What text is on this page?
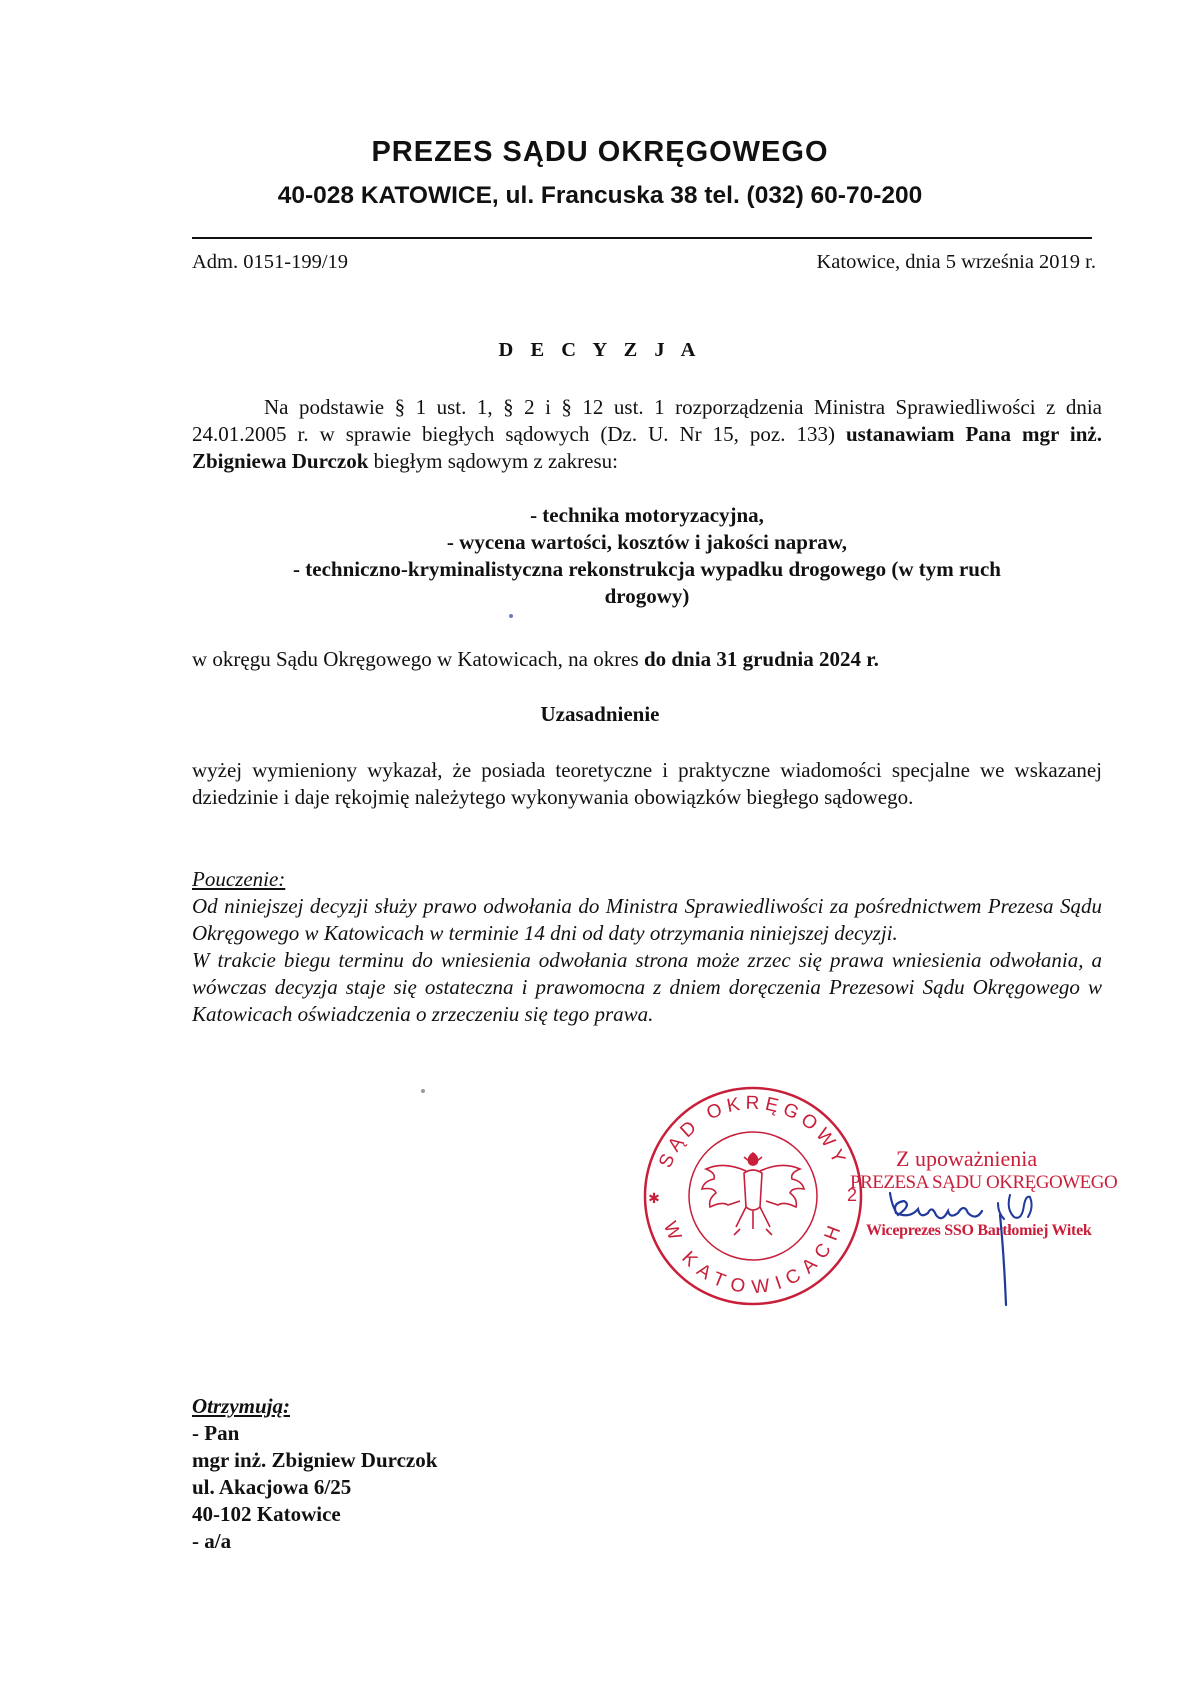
PREZES SĄDU OKRĘGOWEGO
40-028 KATOWICE, ul. Francuska 38 tel. (032) 60-70-200
Adm. 0151-199/19	Katowice, dnia 5 września 2019 r.
D E C Y Z J A
Na podstawie § 1 ust. 1, § 2 i § 12 ust. 1 rozporządzenia Ministra Sprawiedliwości z dnia 24.01.2005 r. w sprawie biegłych sądowych (Dz. U. Nr 15, poz. 133) ustanawiam Pana mgr inż. Zbigniewa Durczok biegłym sądowym z zakresu:
- technika motoryzacyjna,
- wycena wartości, kosztów i jakości napraw,
- techniczno-kryminalistyczna rekonstrukcja wypadku drogowego (w tym ruch drogowy)
w okręgu Sądu Okręgowego w Katowicach, na okres do dnia 31 grudnia 2024 r.
Uzasadnienie
wyżej wymieniony wykazał, że posiada teoretyczne i praktyczne wiadomości specjalne we wskazanej dziedzinie i daje rękojmię należytego wykonywania obowiązków biegłego sądowego.
Pouczenie:
Od niniejszej decyzji służy prawo odwołania do Ministra Sprawiedliwości za pośrednictwem Prezesa Sądu Okręgowego w Katowicach w terminie 14 dni od daty otrzymania niniejszej decyzji.
W trakcie biegu terminu do wniesienia odwołania strona może zrzec się prawa wniesienia odwołania, a wówczas decyzja staje się ostateczna i prawomocna z dniem doręczenia Prezesowi Sądu Okręgowego w Katowicach oświadczenia o zrzeczeniu się tego prawa.
SĄD OKRĘGOWY
W KATOWICACH
2
✱
Z upoważnienia
PREZESA SĄDU OKRĘGOWEGO
Wiceprezes SSO Bartłomiej Witek
Otrzymują:
- Pan
mgr inż. Zbigniew Durczok
ul. Akacjowa 6/25
40-102 Katowice
- a/a
